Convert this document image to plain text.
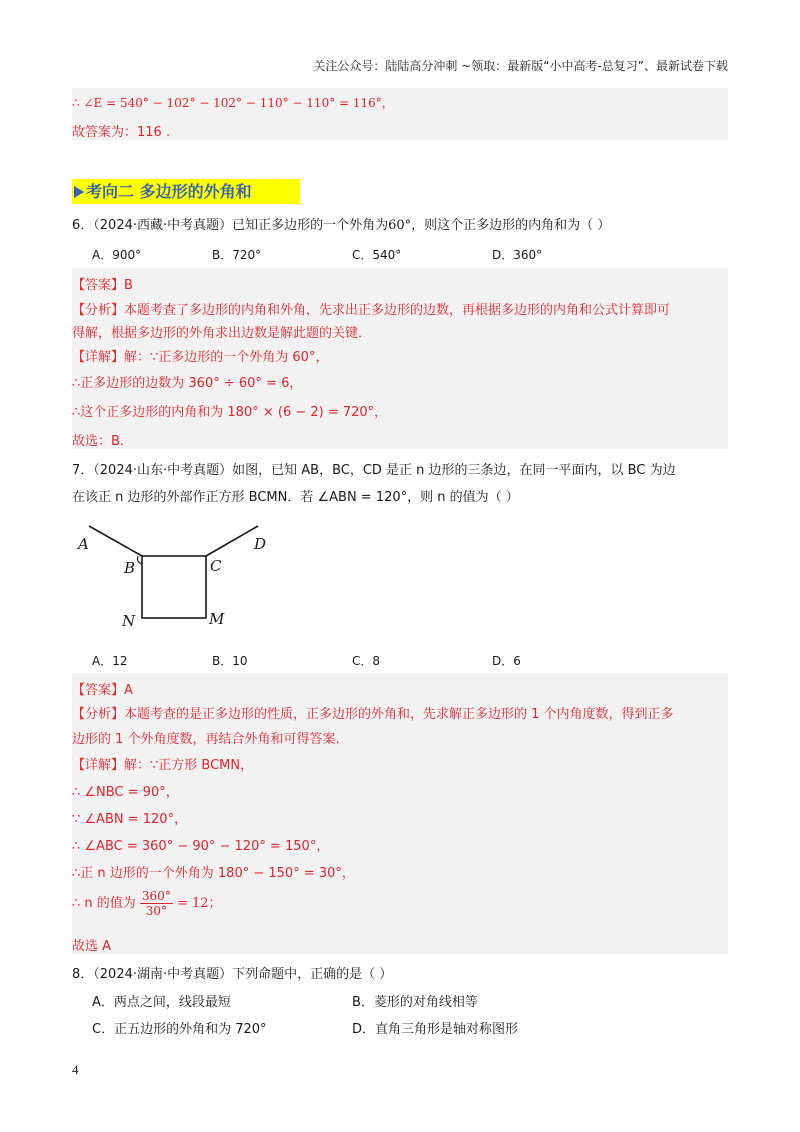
关注公众号：陆陆高分冲刺 ~领取：最新版“小中高考-总复习”、最新试卷下载
∴ ∠E = 540° − 102° − 102° − 110° − 110° = 116°，
故答案为：116 .
考向二 多边形的外角和
6．（2024·西藏·中考真题）已知正多边形的一个外角为60°，则这个正多边形的内角和为（ ）
A．900°	B．720°	C．540°	D．360°
【答案】B
【分析】本题考查了多边形的内角和外角，先求出正多边形的边数，再根据多边形的内角和公式计算即可
得解，根据多边形的外角求出边数是解此题的关键．
【详解】解：∵正多边形的一个外角为 60°，
∴正多边形的边数为 360° ÷ 60° = 6，
∴这个正多边形的内角和为 180° × (6 − 2) = 720°，
故选：B．
7．（2024·山东·中考真题）如图，已知 AB，BC，CD 是正 n 边形的三条边，在同一平面内，以 BC 为边
在该正 n 边形的外部作正方形 BCMN．若 ∠ABN = 120°，则 n 的值为（ ）
A
B	C
D
N	M
A．12	B．10	C．8	D．6
【答案】A
【分析】本题考查的是正多边形的性质，正多边形的外角和，先求解正多边形的 1 个内角度数，得到正多
边形的 1 个外角度数，再结合外角和可得答案.
【详解】解：∵正方形 BCMN，
∴ ∠NBC = 90°，
∵ ∠ABN = 120°，
∴ ∠ABC = 360° − 90° − 120° = 150°，
∴正 n 边形的一个外角为 180° − 150° = 30°，
∴ n 的值为 $\frac{360^\circ}{30^\circ} = 12$；
故选 A
8．（2024·湖南·中考真题）下列命题中，正确的是（ ）
A．两点之间，线段最短	B．菱形的对角线相等
C．正五边形的外角和为 720°	D．直角三角形是轴对称图形
4
